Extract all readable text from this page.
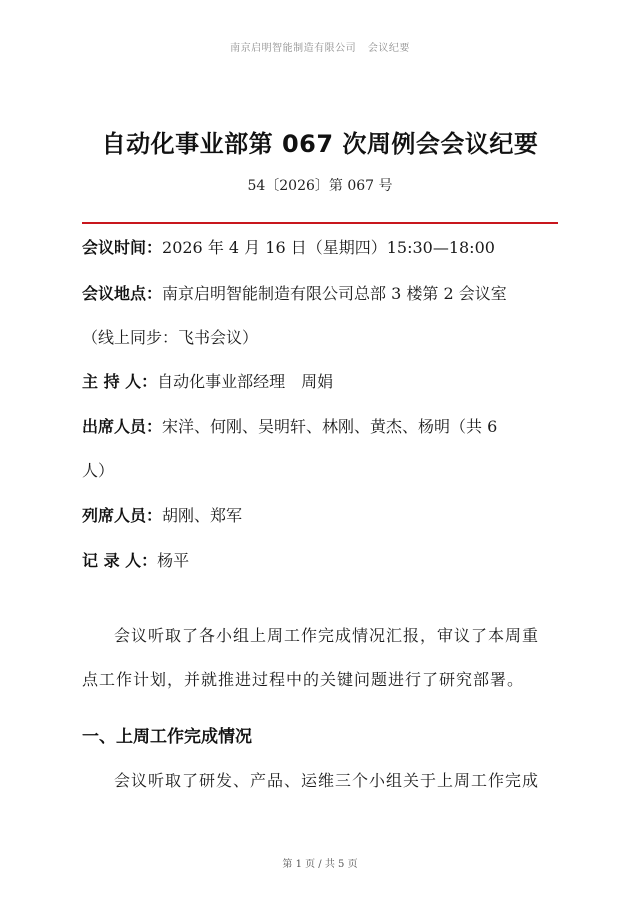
南京启明智能制造有限公司 会议纪要
自动化事业部第 067 次周例会会议纪要
54〔2026〕第 067 号
会议时间：2026 年 4 月 16 日（星期四）15:30—18:00
会议地点：南京启明智能制造有限公司总部 3 楼第 2 会议室
（线上同步：飞书会议）
主 持 人：自动化事业部经理　周娟
出席人员：宋洋、何刚、吴明轩、林刚、黄杰、杨明（共 6
人）
列席人员：胡刚、郑军
记 录 人：杨平
会议听取了各小组上周工作完成情况汇报，审议了本周重
点工作计划，并就推进过程中的关键问题进行了研究部署。
一、上周工作完成情况
会议听取了研发、产品、运维三个小组关于上周工作完成
第 1 页 / 共 5 页
